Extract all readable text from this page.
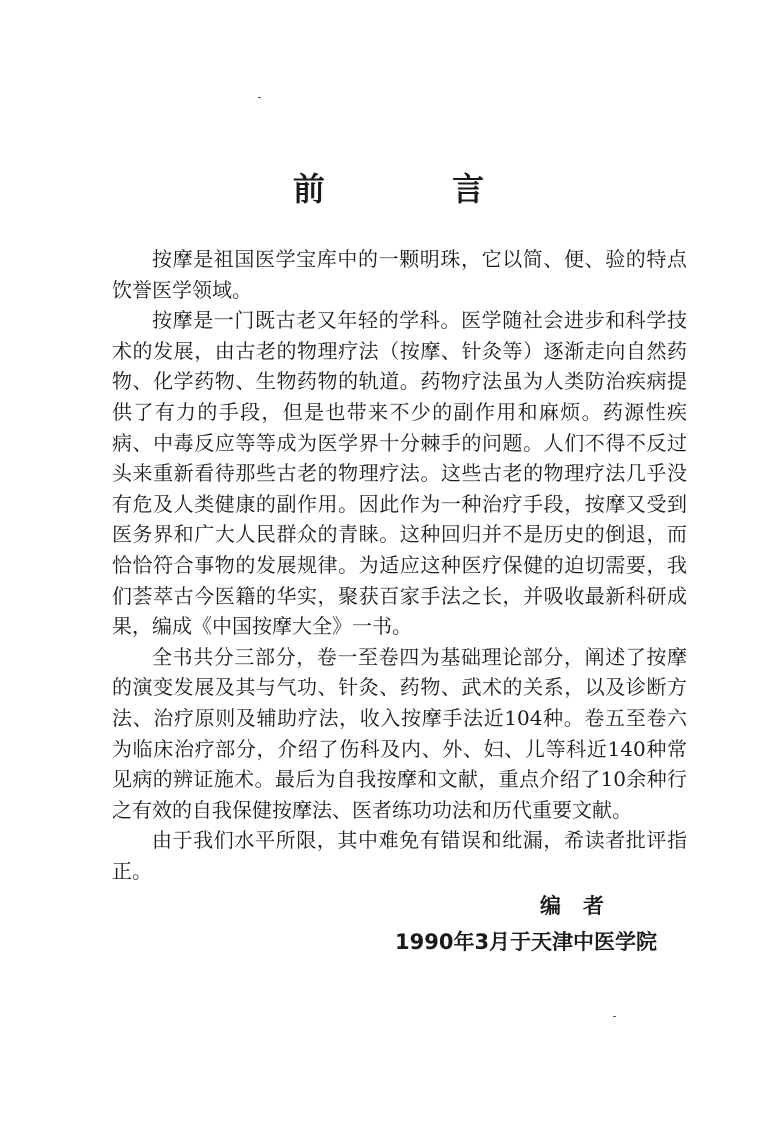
前 言

按摩是祖国医学宝库中的一颗明珠，它以简、便、验的特点饮誉医学领域。

按摩是一门既古老又年轻的学科。医学随社会进步和科学技术的发展，由古老的物理疗法（按摩、针灸等）逐渐走向自然药物、化学药物、生物药物的轨道。药物疗法虽为人类防治疾病提供了有力的手段，但是也带来不少的副作用和麻烦。药源性疾病、中毒反应等等成为医学界十分棘手的问题。人们不得不反过头来重新看待那些古老的物理疗法。这些古老的物理疗法几乎没有危及人类健康的副作用。因此作为一种治疗手段，按摩又受到医务界和广大人民群众的青睐。这种回归并不是历史的倒退，而恰恰符合事物的发展规律。为适应这种医疗保健的迫切需要，我们荟萃古今医籍的华实，聚获百家手法之长，并吸收最新科研成果，编成《中国按摩大全》一书。

全书共分三部分，卷一至卷四为基础理论部分，阐述了按摩的演变发展及其与气功、针灸、药物、武术的关系，以及诊断方法、治疗原则及辅助疗法，收入按摩手法近104种。卷五至卷六为临床治疗部分，介绍了伤科及内、外、妇、儿等科近140种常见病的辨证施术。最后为自我按摩和文献，重点介绍了10余种行之有效的自我保健按摩法、医者练功功法和历代重要文献。

由于我们水平所限，其中难免有错误和纰漏，希读者批评指正。

编者
1990年3月于天津中医学院
